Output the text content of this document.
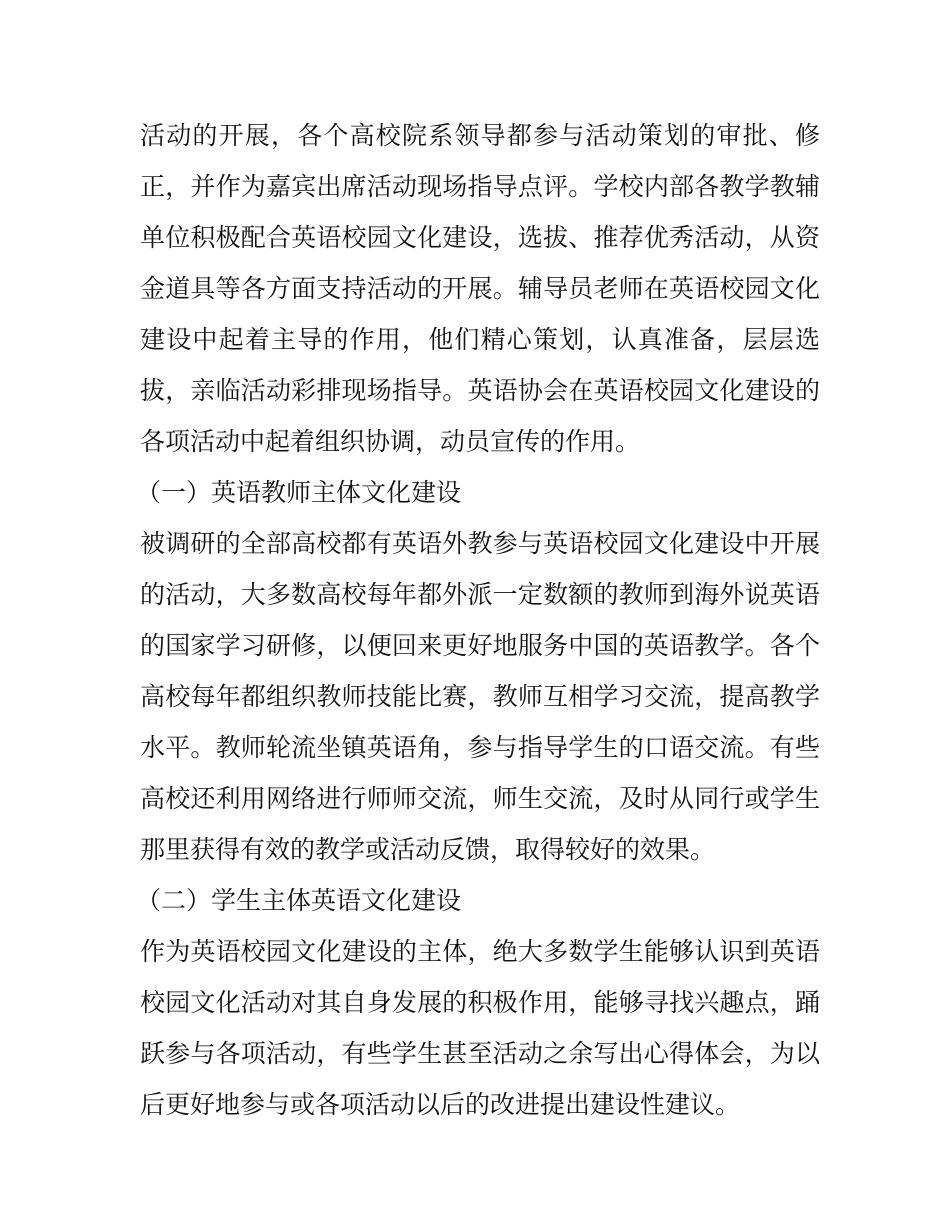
活动的开展，各个高校院系领导都参与活动策划的审批、修
正，并作为嘉宾出席活动现场指导点评。学校内部各教学教辅
单位积极配合英语校园文化建设，选拔、推荐优秀活动，从资
金道具等各方面支持活动的开展。辅导员老师在英语校园文化
建设中起着主导的作用，他们精心策划，认真准备，层层选
拔，亲临活动彩排现场指导。英语协会在英语校园文化建设的
各项活动中起着组织协调，动员宣传的作用。
（一）英语教师主体文化建设
被调研的全部高校都有英语外教参与英语校园文化建设中开展
的活动，大多数高校每年都外派一定数额的教师到海外说英语
的国家学习研修，以便回来更好地服务中国的英语教学。各个
高校每年都组织教师技能比赛，教师互相学习交流，提高教学
水平。教师轮流坐镇英语角，参与指导学生的口语交流。有些
高校还利用网络进行师师交流，师生交流，及时从同行或学生
那里获得有效的教学或活动反馈，取得较好的效果。
（二）学生主体英语文化建设
作为英语校园文化建设的主体，绝大多数学生能够认识到英语
校园文化活动对其自身发展的积极作用，能够寻找兴趣点，踊
跃参与各项活动，有些学生甚至活动之余写出心得体会，为以
后更好地参与或各项活动以后的改进提出建设性建议。
